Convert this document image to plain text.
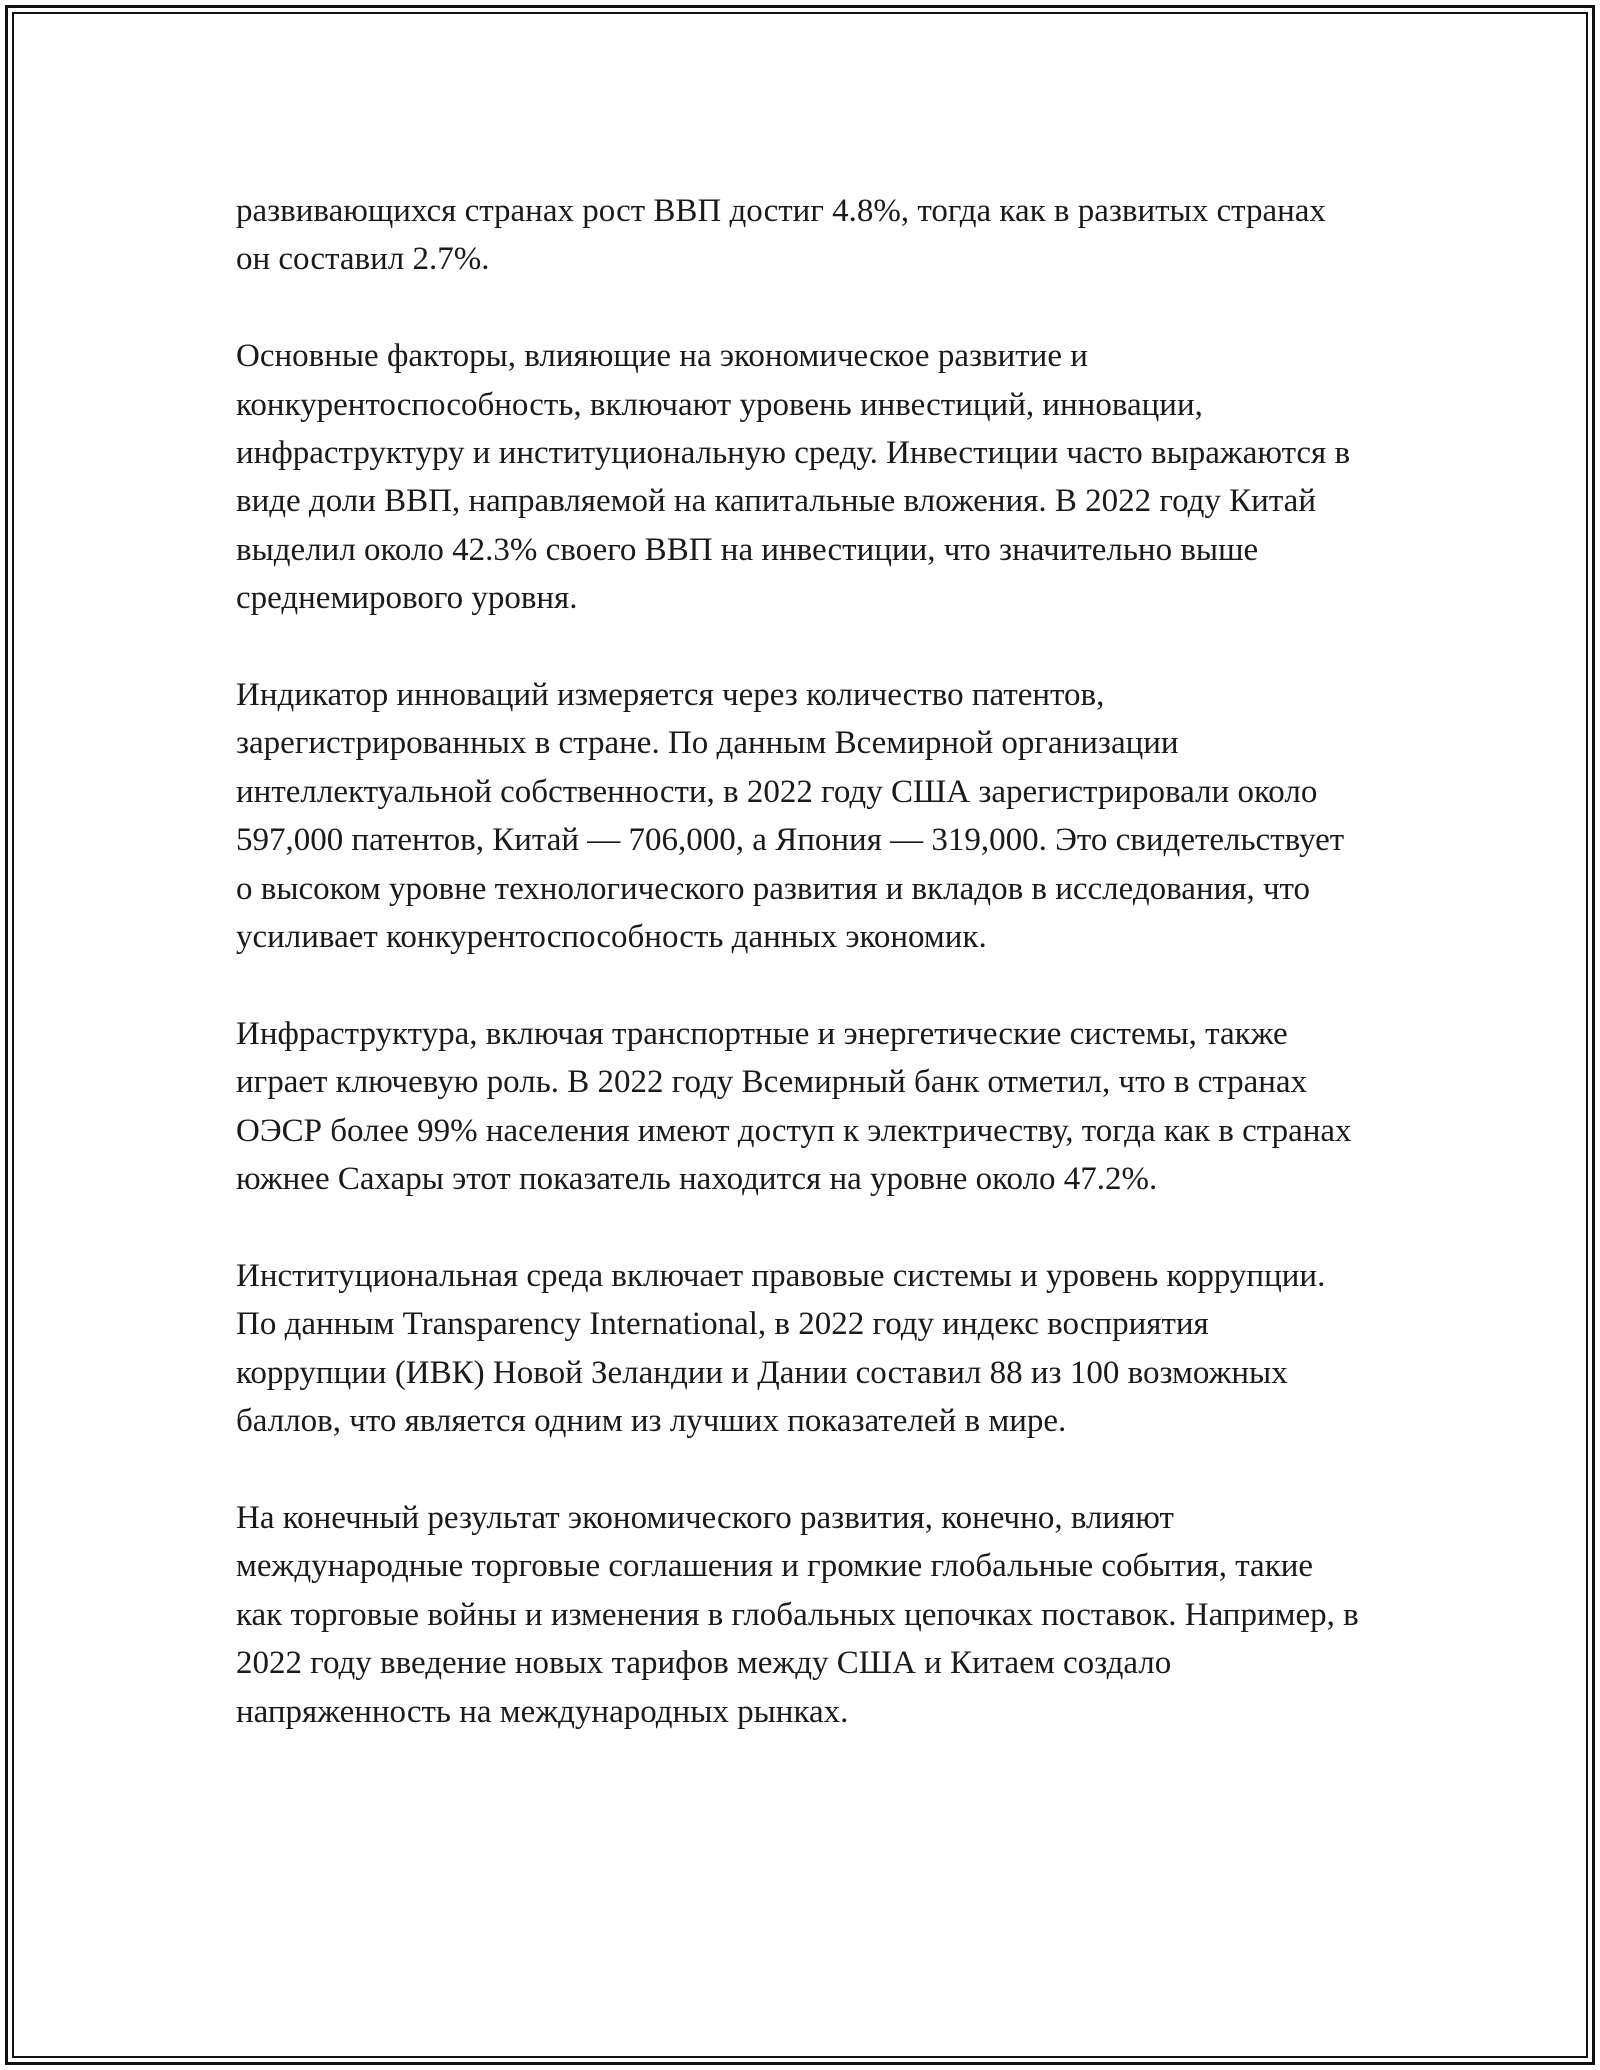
развивающихся странах рост ВВП достиг 4.8%, тогда как в развитых странах он составил 2.7%.

Основные факторы, влияющие на экономическое развитие и конкурентоспособность, включают уровень инвестиций, инновации, инфраструктуру и институциональную среду. Инвестиции часто выражаются в виде доли ВВП, направляемой на капитальные вложения. В 2022 году Китай выделил около 42.3% своего ВВП на инвестиции, что значительно выше среднемирового уровня.

Индикатор инноваций измеряется через количество патентов, зарегистрированных в стране. По данным Всемирной организации интеллектуальной собственности, в 2022 году США зарегистрировали около 597,000 патентов, Китай — 706,000, а Япония — 319,000. Это свидетельствует о высоком уровне технологического развития и вкладов в исследования, что усиливает конкурентоспособность данных экономик.

Инфраструктура, включая транспортные и энергетические системы, также играет ключевую роль. В 2022 году Всемирный банк отметил, что в странах ОЭСР более 99% населения имеют доступ к электричеству, тогда как в странах южнее Сахары этот показатель находится на уровне около 47.2%.

Институциональная среда включает правовые системы и уровень коррупции. По данным Transparency International, в 2022 году индекс восприятия коррупции (ИВК) Новой Зеландии и Дании составил 88 из 100 возможных баллов, что является одним из лучших показателей в мире.

На конечный результат экономического развития, конечно, влияют международные торговые соглашения и громкие глобальные события, такие как торговые войны и изменения в глобальных цепочках поставок. Например, в 2022 году введение новых тарифов между США и Китаем создало напряженность на международных рынках.
